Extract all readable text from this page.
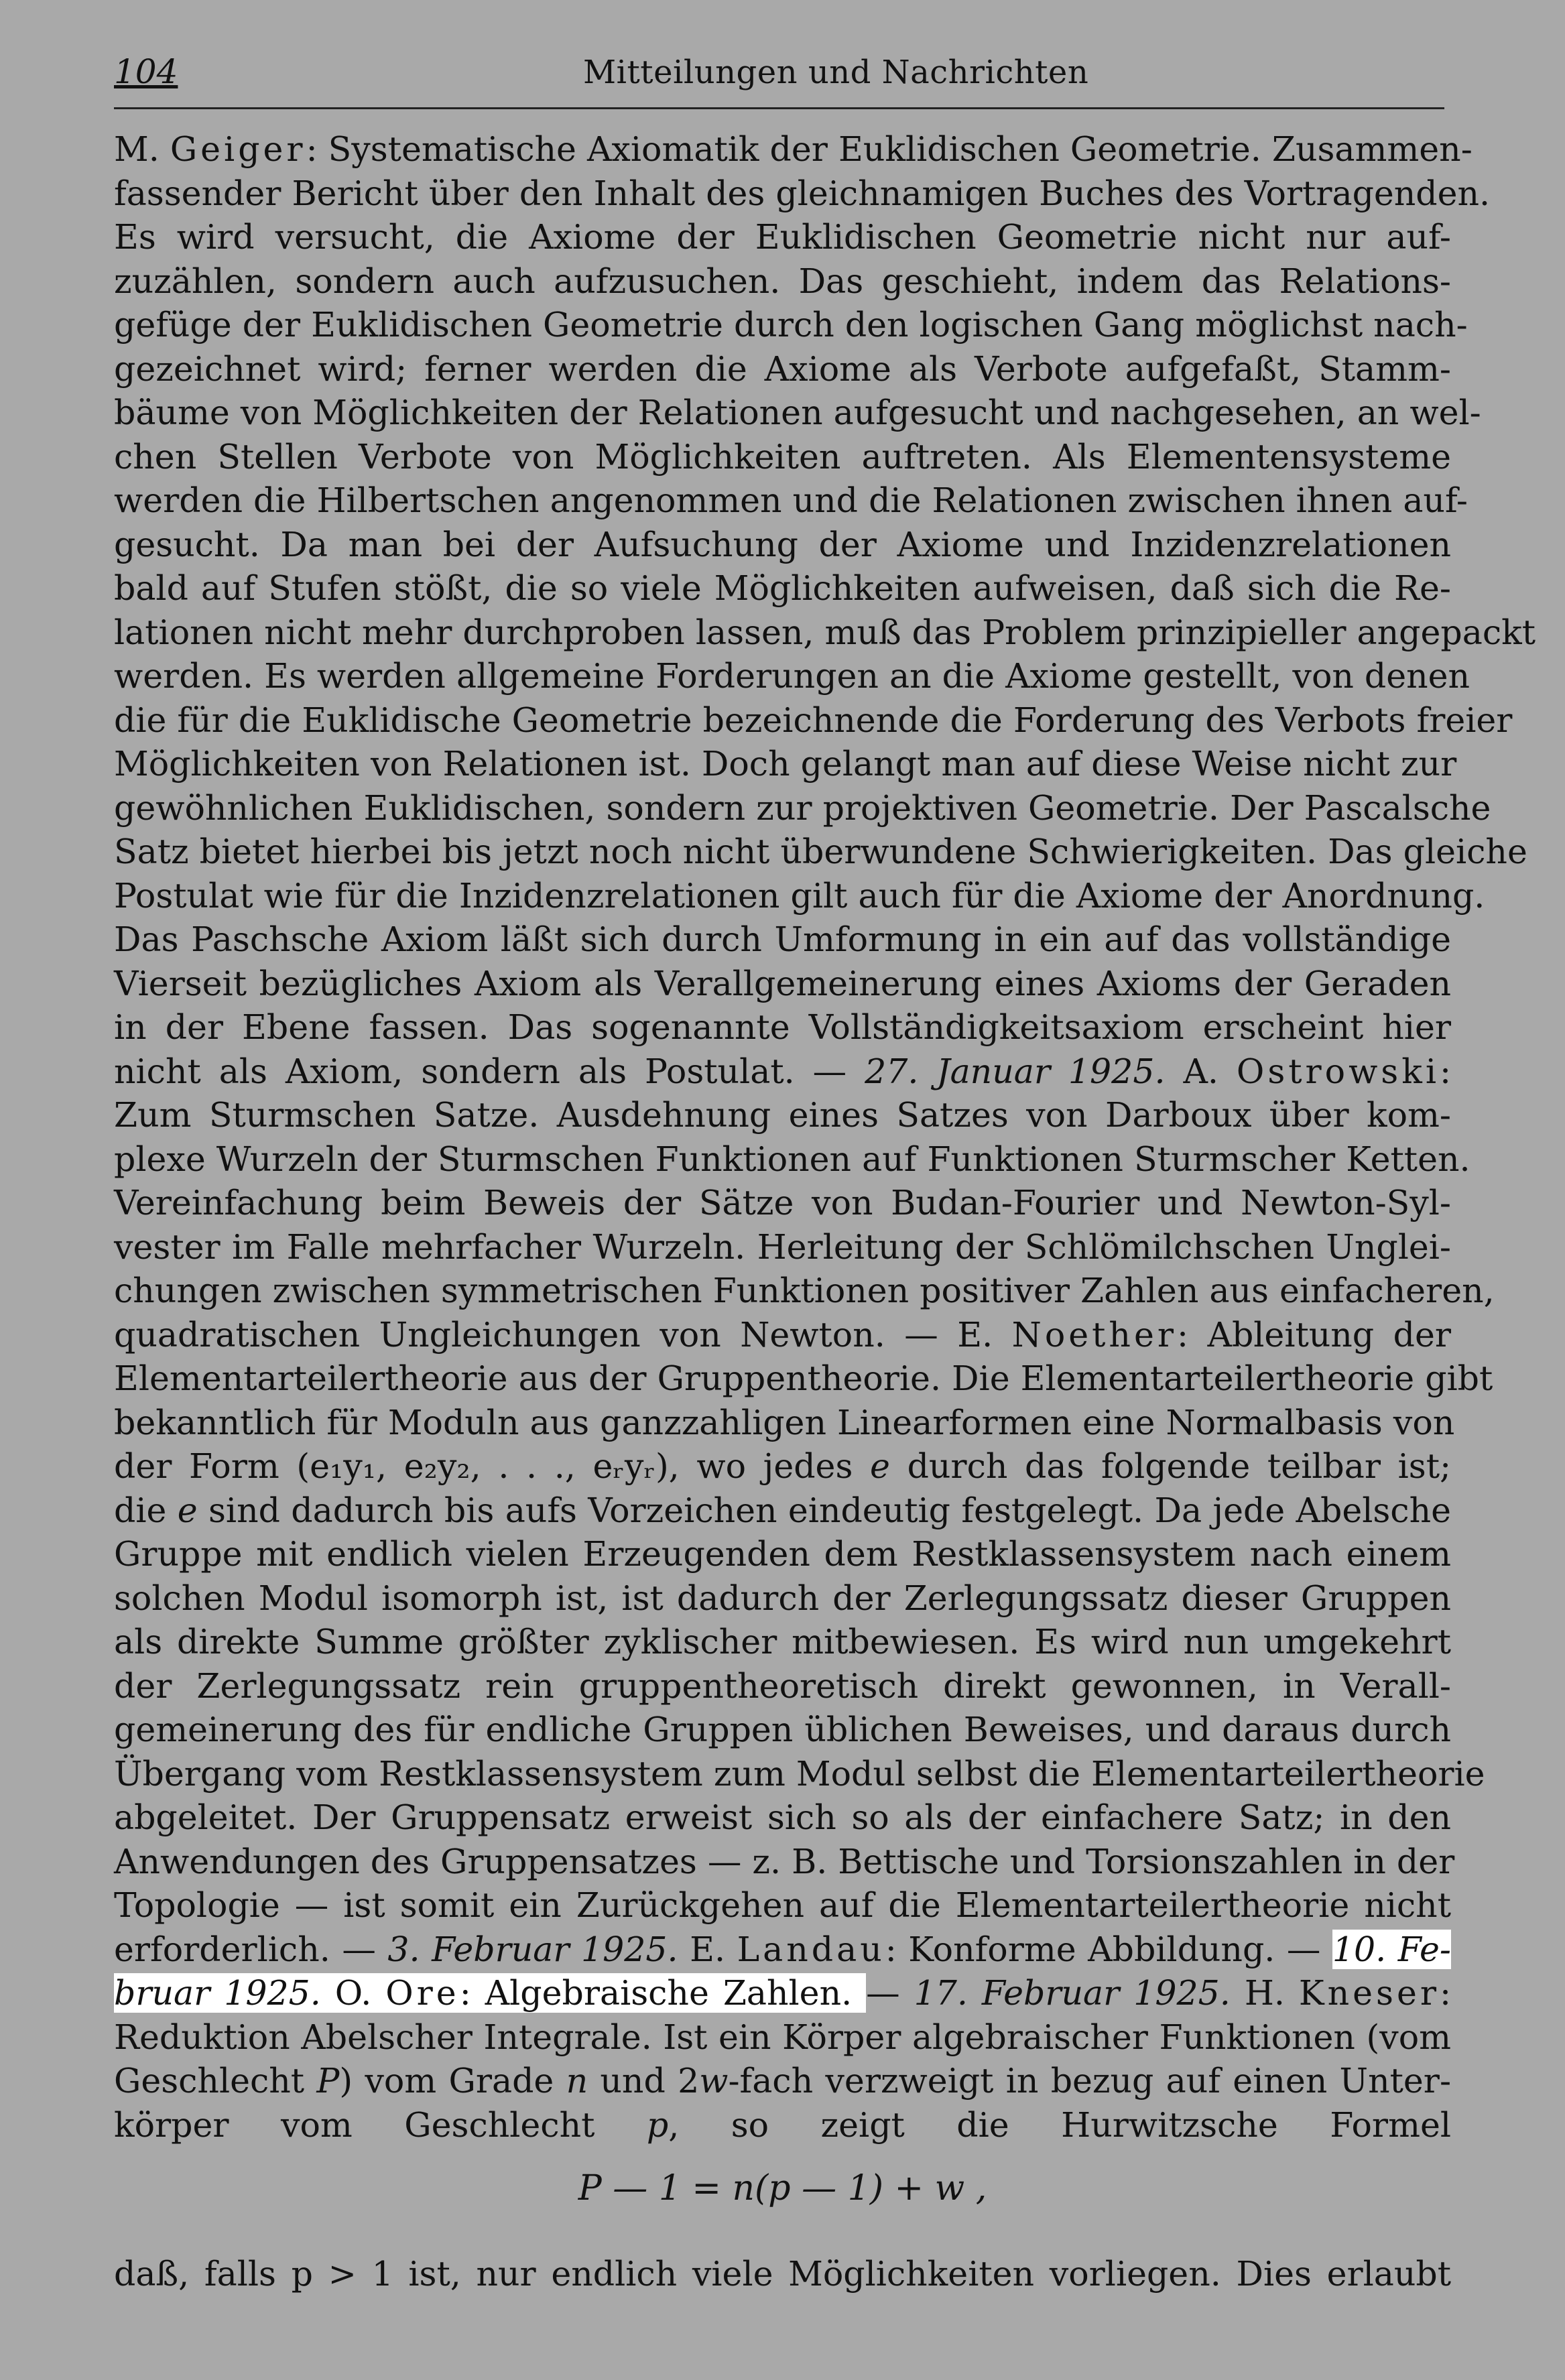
104	Mitteilungen und Nachrichten
M. Geiger: Systematische Axiomatik der Euklidischen Geometrie. Zusammen-
fassender Bericht über den Inhalt des gleichnamigen Buches des Vortragenden.
Es wird versucht, die Axiome der Euklidischen Geometrie nicht nur auf-
zuzählen, sondern auch aufzusuchen. Das geschieht, indem das Relations-
gefüge der Euklidischen Geometrie durch den logischen Gang möglichst nach-
gezeichnet wird; ferner werden die Axiome als Verbote aufgefaßt, Stamm-
bäume von Möglichkeiten der Relationen aufgesucht und nachgesehen, an wel-
chen Stellen Verbote von Möglichkeiten auftreten. Als Elementensysteme
werden die Hilbertschen angenommen und die Relationen zwischen ihnen auf-
gesucht. Da man bei der Aufsuchung der Axiome und Inzidenzrelationen
bald auf Stufen stößt, die so viele Möglichkeiten aufweisen, daß sich die Re-
lationen nicht mehr durchproben lassen, muß das Problem prinzipieller angepackt
werden. Es werden allgemeine Forderungen an die Axiome gestellt, von denen
die für die Euklidische Geometrie bezeichnende die Forderung des Verbots freier
Möglichkeiten von Relationen ist. Doch gelangt man auf diese Weise nicht zur
gewöhnlichen Euklidischen, sondern zur projektiven Geometrie. Der Pascalsche
Satz bietet hierbei bis jetzt noch nicht überwundene Schwierigkeiten. Das gleiche
Postulat wie für die Inzidenzrelationen gilt auch für die Axiome der Anordnung.
Das Paschsche Axiom läßt sich durch Umformung in ein auf das vollständige
Vierseit bezügliches Axiom als Verallgemeinerung eines Axioms der Geraden
in der Ebene fassen. Das sogenannte Vollständigkeitsaxiom erscheint hier
nicht als Axiom, sondern als Postulat. — 27. Januar 1925. A. Ostrowski:
Zum Sturmschen Satze. Ausdehnung eines Satzes von Darboux über kom-
plexe Wurzeln der Sturmschen Funktionen auf Funktionen Sturmscher Ketten.
Vereinfachung beim Beweis der Sätze von Budan-Fourier und Newton-Syl-
vester im Falle mehrfacher Wurzeln. Herleitung der Schlömilchschen Unglei-
chungen zwischen symmetrischen Funktionen positiver Zahlen aus einfacheren,
quadratischen Ungleichungen von Newton. — E. Noether: Ableitung der
Elementarteilertheorie aus der Gruppentheorie. Die Elementarteilertheorie gibt
bekanntlich für Moduln aus ganzzahligen Linearformen eine Normalbasis von
der Form (e₁y₁, e₂y₂, . . ., eᵣyᵣ), wo jedes e durch das folgende teilbar ist;
die e sind dadurch bis aufs Vorzeichen eindeutig festgelegt. Da jede Abelsche
Gruppe mit endlich vielen Erzeugenden dem Restklassensystem nach einem
solchen Modul isomorph ist, ist dadurch der Zerlegungssatz dieser Gruppen
als direkte Summe größter zyklischer mitbewiesen. Es wird nun umgekehrt
der Zerlegungssatz rein gruppentheoretisch direkt gewonnen, in Verall-
gemeinerung des für endliche Gruppen üblichen Beweises, und daraus durch
Übergang vom Restklassensystem zum Modul selbst die Elementarteilertheorie
abgeleitet. Der Gruppensatz erweist sich so als der einfachere Satz; in den
Anwendungen des Gruppensatzes — z. B. Bettische und Torsionszahlen in der
Topologie — ist somit ein Zurückgehen auf die Elementarteilertheorie nicht
erforderlich. — 3. Februar 1925. E. Landau: Konforme Abbildung. — 10. Fe-
bruar 1925. O. Ore: Algebraische Zahlen. — 17. Februar 1925. H. Kneser:
Reduktion Abelscher Integrale. Ist ein Körper algebraischer Funktionen (vom
Geschlecht P) vom Grade n und 2w-fach verzweigt in bezug auf einen Unter-
körper vom Geschlecht p, so zeigt die Hurwitzsche Formel
P — 1 = n(p — 1) + w ,
daß, falls p > 1 ist, nur endlich viele Möglichkeiten vorliegen. Dies erlaubt
